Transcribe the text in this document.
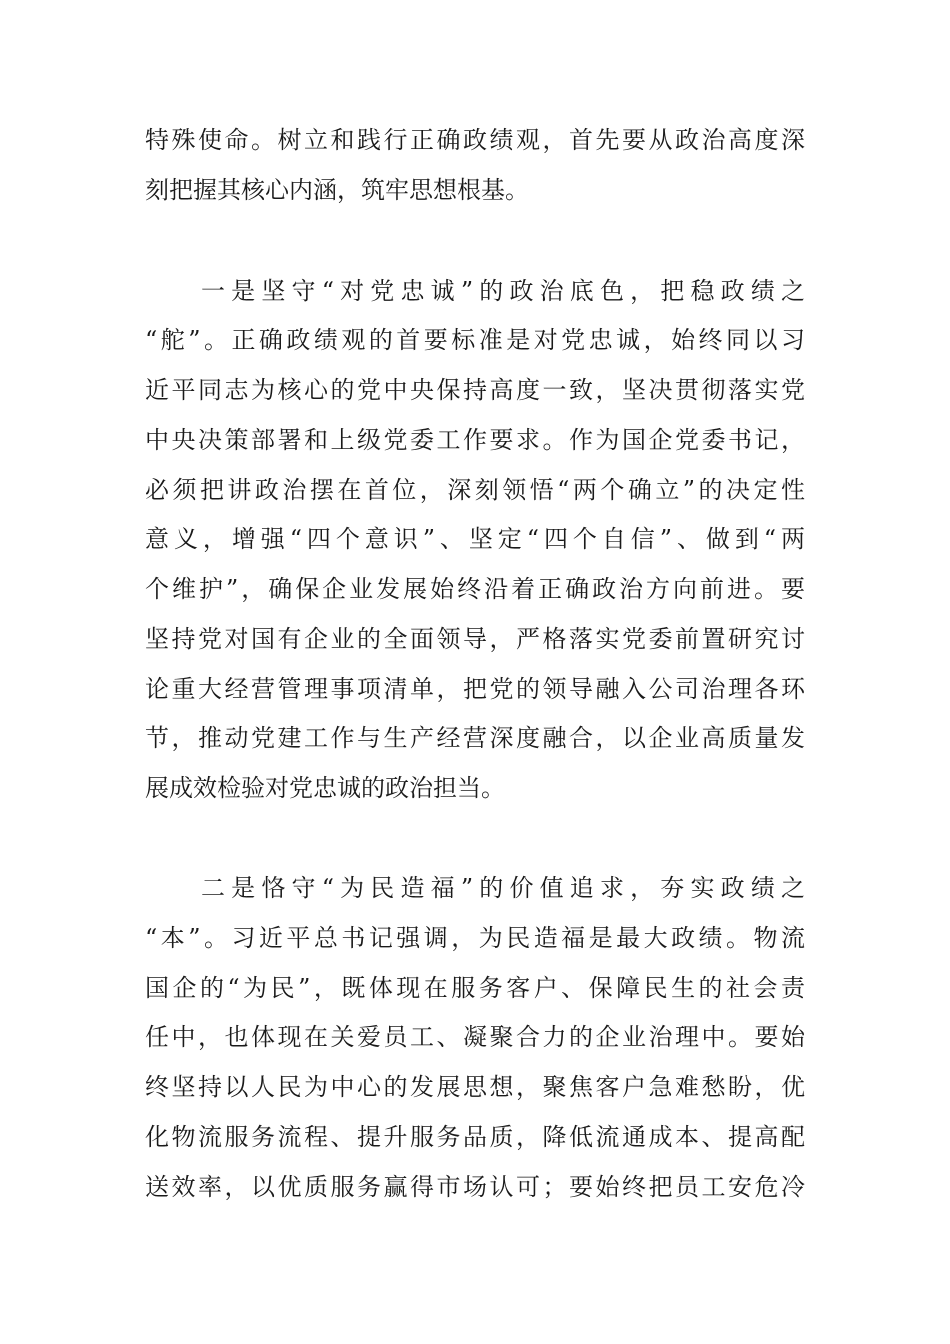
特殊使命。树立和践行正确政绩观，首先要从政治高度深
刻把握其核心内涵，筑牢思想根基。
一是坚守“对党忠诚”的政治底色，把稳政绩之
“舵”。正确政绩观的首要标准是对党忠诚，始终同以习
近平同志为核心的党中央保持高度一致，坚决贯彻落实党
中央决策部署和上级党委工作要求。作为国企党委书记，
必须把讲政治摆在首位，深刻领悟“两个确立”的决定性
意义，增强“四个意识”、坚定“四个自信”、做到“两
个维护”，确保企业发展始终沿着正确政治方向前进。要
坚持党对国有企业的全面领导，严格落实党委前置研究讨
论重大经营管理事项清单，把党的领导融入公司治理各环
节，推动党建工作与生产经营深度融合，以企业高质量发
展成效检验对党忠诚的政治担当。
二是恪守“为民造福”的价值追求，夯实政绩之
“本”。习近平总书记强调，为民造福是最大政绩。物流
国企的“为民”，既体现在服务客户、保障民生的社会责
任中，也体现在关爱员工、凝聚合力的企业治理中。要始
终坚持以人民为中心的发展思想，聚焦客户急难愁盼，优
化物流服务流程、提升服务品质，降低流通成本、提高配
送效率，以优质服务赢得市场认可；要始终把员工安危冷
